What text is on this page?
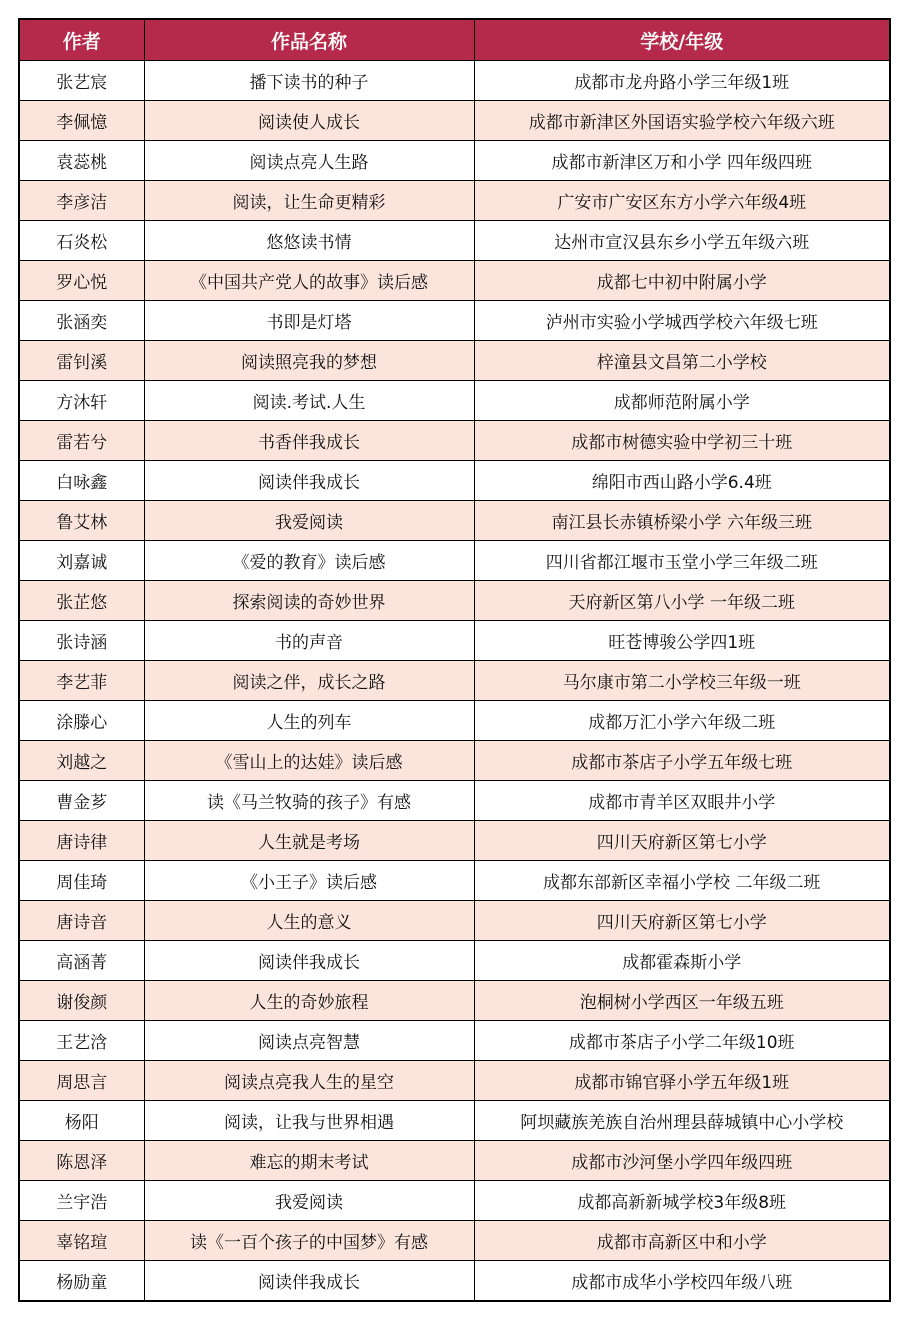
作者	作品名称	学校/年级
张艺宸	播下读书的种子	成都市龙舟路小学三年级1班
李佩憶	阅读使人成长	成都市新津区外国语实验学校六年级六班
袁蕊桃	阅读点亮人生路	成都市新津区万和小学 四年级四班
李彦洁	阅读，让生命更精彩	广安市广安区东方小学六年级4班
石炎松	悠悠读书情	达州市宣汉县东乡小学五年级六班
罗心悦	《中国共产党人的故事》读后感	成都七中初中附属小学
张涵奕	书即是灯塔	泸州市实验小学城西学校六年级七班
雷钊溪	阅读照亮我的梦想	梓潼县文昌第二小学校
方沐轩	阅读.考试.人生	成都师范附属小学
雷若兮	书香伴我成长	成都市树德实验中学初三十班
白咏鑫	阅读伴我成长	绵阳市西山路小学6.4班
鲁艾林	我爱阅读	南江县长赤镇桥梁小学 六年级三班
刘嘉诚	《爱的教育》读后感	四川省都江堰市玉堂小学三年级二班
张芷悠	探索阅读的奇妙世界	天府新区第八小学 一年级二班
张诗涵	书的声音	旺苍博骏公学四1班
李艺菲	阅读之伴，成长之路	马尔康市第二小学校三年级一班
涂滕心	人生的列车	成都万汇小学六年级二班
刘越之	《雪山上的达娃》读后感	成都市茶店子小学五年级七班
曹金芗	读《马兰牧骑的孩子》有感	成都市青羊区双眼井小学
唐诗律	人生就是考场	四川天府新区第七小学
周佳琦	《小王子》读后感	成都东部新区幸福小学校 二年级二班
唐诗音	人生的意义	四川天府新区第七小学
高涵菁	阅读伴我成长	成都霍森斯小学
谢俊颜	人生的奇妙旅程	泡桐树小学西区一年级五班
王艺浛	阅读点亮智慧	成都市茶店子小学二年级10班
周思言	阅读点亮我人生的星空	成都市锦官驿小学五年级1班
杨阳	阅读，让我与世界相遇	阿坝藏族羌族自治州理县薛城镇中心小学校
陈恩泽	难忘的期末考试	成都市沙河堡小学四年级四班
兰宇浩	我爱阅读	成都高新新城学校3年级8班
辜铭瑄	读《一百个孩子的中国梦》有感	成都市高新区中和小学
杨励童	阅读伴我成长	成都市成华小学校四年级八班
